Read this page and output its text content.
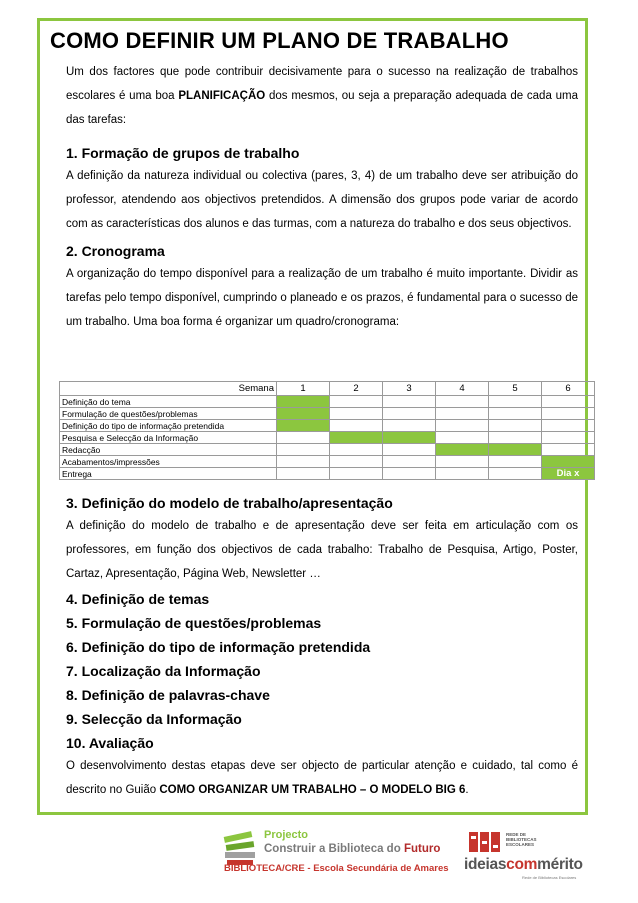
COMO DEFINIR UM PLANO DE TRABALHO

Um dos factores que pode contribuir decisivamente para o sucesso na realização de trabalhos escolares é uma boa PLANIFICAÇÃO dos mesmos, ou seja a preparação adequada de cada uma das tarefas:

1. Formação de grupos de trabalho

A definição da natureza individual ou colectiva (pares, 3, 4) de um trabalho deve ser atribuição do professor, atendendo aos objectivos pretendidos. A dimensão dos grupos pode variar de acordo com as características dos alunos e das turmas, com a natureza do trabalho e dos seus objectivos.

2. Cronograma

A organização do tempo disponível para a realização de um trabalho é muito importante. Dividir as tarefas pelo tempo disponível, cumprindo o planeado e os prazos, é fundamental para o sucesso de um trabalho. Uma boa forma é organizar um quadro/cronograma:

Semana	1	2	3	4	5	6
Definição do tema						
Formulação de questões/problemas						
Definição do tipo de informação pretendida						
Pesquisa e Selecção da Informação						
Redacção						
Acabamentos/impressões						
Entrega						Dia x
3. Definição do modelo de trabalho/apresentação

A definição do modelo de trabalho e de apresentação deve ser feita em articulação com os professores, em função dos objectivos de cada trabalho: Trabalho de Pesquisa, Artigo, Poster, Cartaz, Apresentação, Página Web, Newsletter …

4. Definição de temas
5. Formulação de questões/problemas
6. Definição do tipo de informação pretendida
7. Localização da Informação
8. Definição de palavras-chave
9. Selecção da Informação
10. Avaliação

O desenvolvimento destas etapas deve ser objecto de particular atenção e cuidado, tal como é descrito no Guião COMO ORGANIZAR UM TRABALHO – O MODELO BIG 6.

Projecto
Construir a Biblioteca do Futuro
BIBLIOTECA/CRE - Escola Secundária de Amares
REDE DE BIBLIOTECAS ESCOLARES
ideiascommérito
Rede de Bibliotecas Escolares
